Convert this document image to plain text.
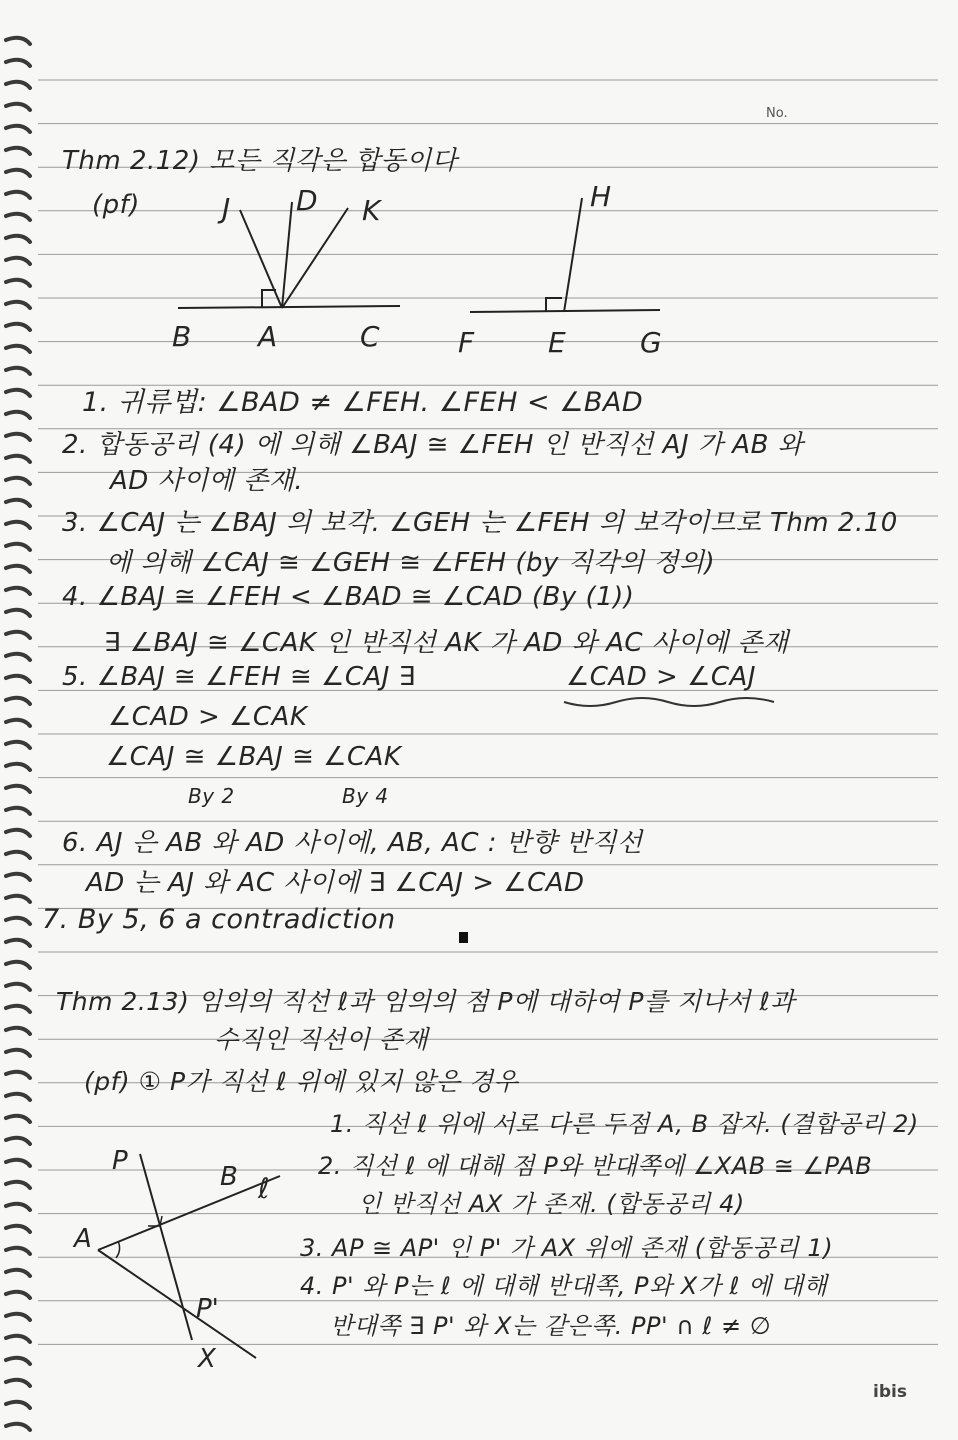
No.
Thm 2.12) 모든 직각은 합동이다
(pf)	J D K
B A	C
H
F	E	G
1. 귀류법: ∠BAD ≠ ∠FEH. ∠FEH < ∠BAD
2. 합동공리 (4) 에 의해 ∠BAJ ≅ ∠FEH 인 반직선 AJ 가 AB 와
AD 사이에 존재.
3. ∠CAJ 는 ∠BAJ 의 보각. ∠GEH 는 ∠FEH 의 보각이므로 Thm 2.10
에 의해 ∠CAJ ≅ ∠GEH ≅ ∠FEH (by 직각의 정의)
4. ∠BAJ ≅ ∠FEH < ∠BAD ≅ ∠CAD (By (1))
∃ ∠BAJ ≅ ∠CAK 인 반직선 AK 가 AD 와 AC 사이에 존재
5. ∠BAJ ≅ ∠FEH ≅ ∠CAJ ∃	∠CAD > ∠CAJ
∠CAD > ∠CAK
∠CAJ ≅ ∠BAJ ≅ ∠CAK
By 2	By 4
6. AJ 은 AB 와 AD 사이에, AB, AC : 반향 반직선
AD 는 AJ 와 AC 사이에 ∃ ∠CAJ > ∠CAD
7. By 5, 6 a contradiction
Thm 2.13) 임의의 직선 ℓ과 임의의 점 P에 대하여 P를 지나서 ℓ과
수직인 직선이 존재
(pf) ① P가 직선 ℓ 위에 있지 않은 경우
1. 직선 ℓ 위에 서로 다른 두점 A, B 잡자. (결합공리 2)
2. 직선 ℓ 에 대해 점 P와 반대쪽에 ∠XAB ≅ ∠PAB
인 반직선 AX 가 존재. (합동공리 4)
3. AP ≅ AP' 인 P' 가 AX 위에 존재 (합동공리 1)
4. P' 와 P는 ℓ 에 대해 반대쪽, P와 X가 ℓ 에 대해
반대쪽 ∃ P' 와 X는 같은쪽. PP' ∩ ℓ ≠ ∅
P
B ℓ
A
P'
X
ibis
